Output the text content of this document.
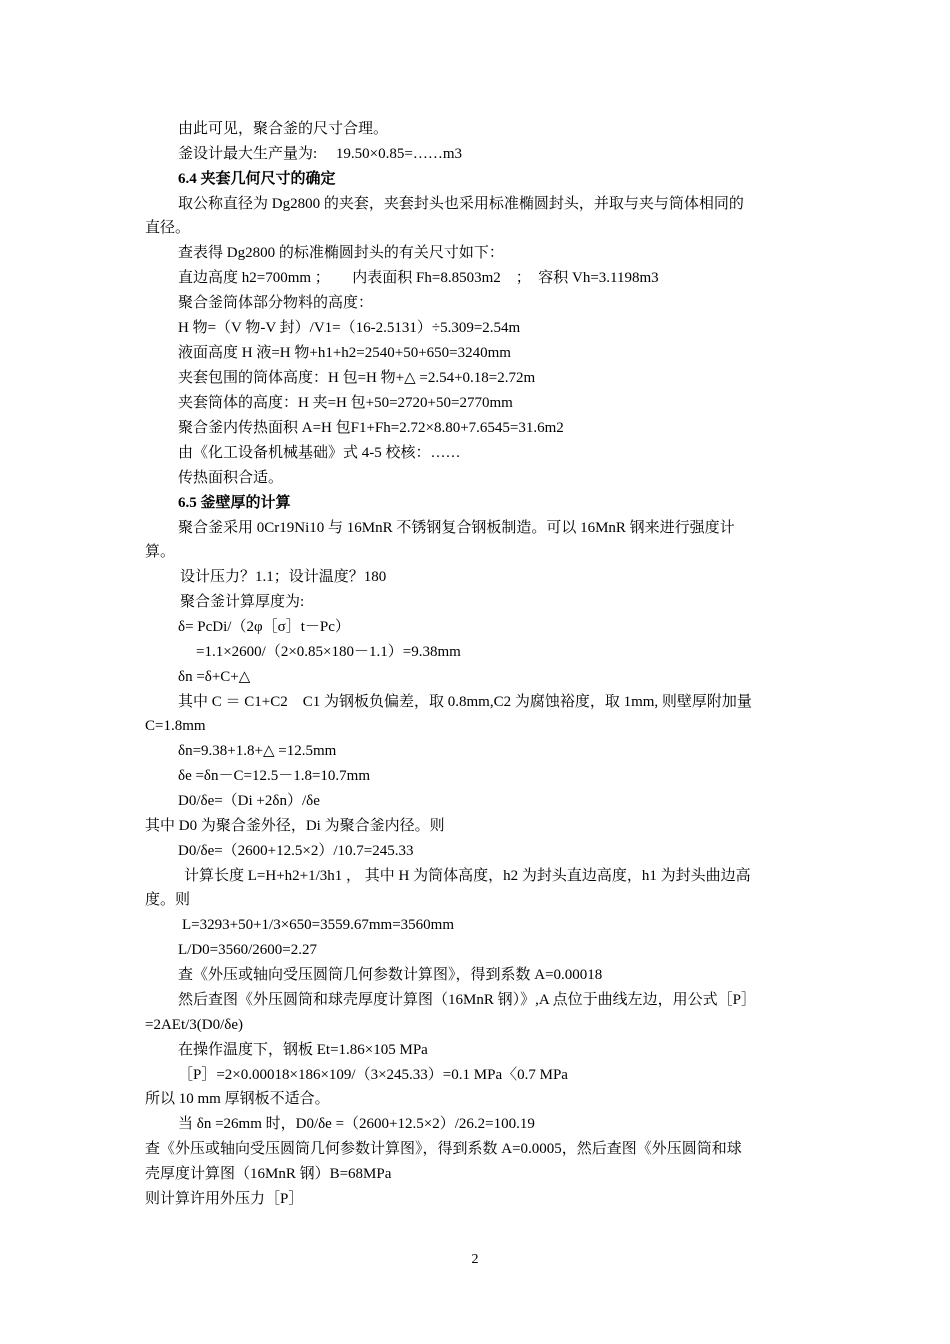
由此可见，聚合釜的尺寸合理。
釜设计最大生产量为:　 19.50×0.85=……m3
6.4 夹套几何尺寸的确定
取公称直径为 Dg2800 的夹套，夹套封头也采用标准椭圆封头，并取与夹与筒体相同的
直径。
查表得 Dg2800 的标准椭圆封头的有关尺寸如下：
直边高度 h2=700mm ；　　内表面积 Fh=8.8503m2　；　容积 Vh=3.1198m3
聚合釜筒体部分物料的高度：
H 物=（V 物-V 封）/V1=（16-2.5131）÷5.309=2.54m
液面高度 H 液=H 物+h1+h2=2540+50+650=3240mm
夹套包围的筒体高度：H 包=H 物+△ =2.54+0.18=2.72m
夹套筒体的高度：H 夹=H 包+50=2720+50=2770mm
聚合釜内传热面积 A=H 包F1+Fh=2.72×8.80+7.6545=31.6m2
由《化工设备机械基础》式 4-5 校核：……
传热面积合适。
6.5 釜壁厚的计算
聚合釜采用 0Cr19Ni10 与 16MnR 不锈钢复合钢板制造。可以 16MnR 钢来进行强度计
算。
设计压力？1.1；设计温度？180
聚合釜计算厚度为:
δ= PcDi/（2φ［σ］t－Pc）
=1.1×2600/（2×0.85×180－1.1）=9.38mm
δn =δ+C+△
其中 C ＝ C1+C2　C1 为钢板负偏差，取 0.8mm,C2 为腐蚀裕度，取 1mm, 则壁厚附加量
C=1.8mm
δn=9.38+1.8+△ =12.5mm
δe =δn－C=12.5－1.8=10.7mm
D0/δe=（Di +2δn）/δe
其中 D0 为聚合釜外径，Di 为聚合釜内径。则
D0/δe=（2600+12.5×2）/10.7=245.33
计算长度 L=H+h2+1/3h1 ， 其中 H 为筒体高度，h2 为封头直边高度，h1 为封头曲边高
度。则
L=3293+50+1/3×650=3559.67mm=3560mm
L/D0=3560/2600=2.27
查《外压或轴向受压圆筒几何参数计算图》，得到系数 A=0.00018
然后查图《外压圆筒和球壳厚度计算图（16MnR 钢）》,A 点位于曲线左边，用公式［P］
=2AEt/3(D0/δe)
在操作温度下，钢板 Et=1.86×105 MPa
［P］=2×0.00018×186×109/（3×245.33）=0.1 MPa〈0.7 MPa
所以 10 mm 厚钢板不适合。
当 δn =26mm 时，D0/δe =（2600+12.5×2）/26.2=100.19
查《外压或轴向受压圆筒几何参数计算图》，得到系数 A=0.0005，然后查图《外压圆筒和球
壳厚度计算图（16MnR 钢）B=68MPa
则计算许用外压力［P］
2
